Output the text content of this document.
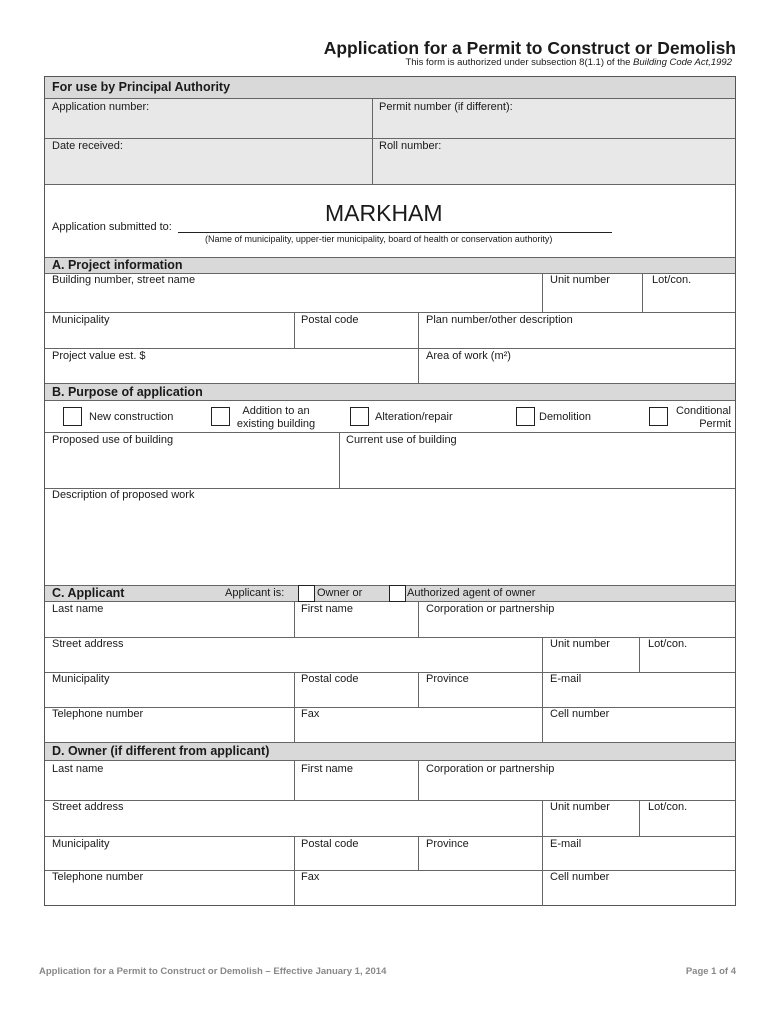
Application for a Permit to Construct or Demolish
This form is authorized under subsection 8(1.1) of the Building Code Act,1992
For use by Principal Authority
Application number:	Permit number (if different):
Date received:	Roll number:
Application submitted to:
MARKHAM
(Name of municipality, upper-tier municipality, board of health or conservation authority)
A. Project information
Building number, street name	Unit number	Lot/con.
Municipality	Postal code	Plan number/other description
Project value est. $	Area of work (m²)
B. Purpose of application
New construction	Addition to an
existing building
Alteration/repair	Demolition	Conditional
Permit
Proposed use of building	Current use of building
Description of proposed work
C. Applicant	Applicant is:	Owner or	Authorized agent of owner
Last name	First name	Corporation or partnership
Street address	Unit number	Lot/con.
Municipality	Postal code	Province	E-mail
Telephone number	Fax	Cell number
D. Owner (if different from applicant)
Last name	First name	Corporation or partnership
Street address	Unit number	Lot/con.
Municipality	Postal code	Province	E-mail
Telephone number	Fax	Cell number
Application for a Permit to Construct or Demolish – Effective January 1, 2014	Page 1 of 4
